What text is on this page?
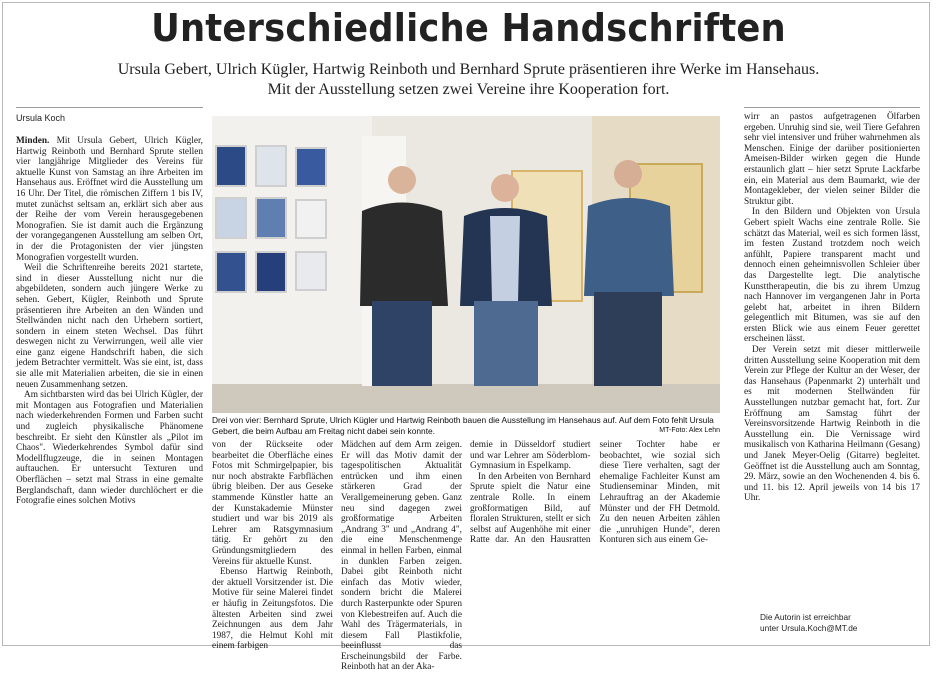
Unterschiedliche Handschriften
Ursula Gebert, Ulrich Kügler, Hartwig Reinboth und Bernhard Sprute präsentieren ihre Werke im Hansehaus.
Mit der Ausstellung setzen zwei Vereine ihre Kooperation fort.
Ursula Koch

Minden. Mit Ursula Gebert, Ulrich Kügler, Hartwig Reinboth und Bernhard Sprute stellen vier langjährige Mitglieder des Vereins für aktuelle Kunst von Samstag an ihre Arbeiten im Hansehaus aus. Eröffnet wird die Ausstellung um 16 Uhr. Der Titel, die römischen Ziffern 1 bis IV, mutet zunächst seltsam an, erklärt sich aber aus der Reihe der vom Verein herausgegebenen Monografien. Sie ist damit auch die Ergänzung der vorangegangenen Ausstellung am selben Ort, in der die Protagonisten der vier jüngsten Monografien vorgestellt wurden.

Weil die Schriftenreihe bereits 2021 startete, sind in dieser Ausstellung nicht nur die abgebildeten, sondern auch jüngere Werke zu sehen. Gebert, Kügler, Reinboth und Sprute präsentieren ihre Arbeiten an den Wänden und Stellwänden nicht nach den Urhebern sortiert, sondern in einem steten Wechsel. Das führt deswegen nicht zu Verwirrungen, weil alle vier eine ganz eigene Handschrift haben, die sich jedem Betrachter vermittelt. Was sie eint, ist, dass sie alle mit Materialien arbeiten, die sie in einen neuen Zusammenhang setzen.

Am sichtbarsten wird das bei Ulrich Kügler, der mit Montagen aus Fotografien und Materialien nach wiederkehrenden Formen und Farben sucht und zugleich physikalische Phänomene beschreibt. Er sieht den Künstler als „Pilot im Chaos". Wiederkehrendes Symbol dafür sind Modellflugzeuge, die in seinen Montagen auftauchen. Er untersucht Texturen und Oberflächen – setzt mal Strass in eine gemalte Berglandschaft, dann wieder durchlöchert er die Fotografie eines solchen Motivs

Drei von vier: Bernhard Sprute, Ulrich Kügler und Hartwig Reinboth bauen die Ausstellung im Hansehaus auf. Auf dem Foto fehlt Ursula Gebert, die beim Aufbau am Freitag nicht dabei sein konnte.	MT-Foto: Alex Lehn

von der Rückseite oder bearbeitet die Oberfläche eines Fotos mit Schmirgelpapier, bis nur noch abstrakte Farbflächen übrig bleiben. Der aus Geseke stammende Künstler hatte an der Kunstakademie Münster studiert und war bis 2019 als Lehrer am Ratsgymnasium tätig. Er gehört zu den Gründungsmitgliedern des Vereins für aktuelle Kunst.

Ebenso Hartwig Reinboth, der aktuell Vorsitzender ist. Die Motive für seine Malerei findet er häufig in Zeitungsfotos. Die ältesten Arbeiten sind zwei Zeichnungen aus dem Jahr 1987, die Helmut Kohl mit einem farbigen

Mädchen auf dem Arm zeigen. Er will das Motiv damit der tagespolitischen Aktualität entrücken und ihm einen stärkeren Grad der Verallgemeinerung geben. Ganz neu sind dagegen zwei großformatige Arbeiten „Andrang 3" und „Andrang 4", die eine Menschenmenge einmal in hellen Farben, einmal in dunklen Farben zeigen. Dabei gibt Reinboth nicht einfach das Motiv wieder, sondern bricht die Malerei durch Rasterpunkte oder Spuren von Klebestreifen auf. Auch die Wahl des Trägermaterials, in diesem Fall Plastikfolie, beeinflusst das Erscheinungsbild der Farbe. Reinboth hat an der Aka-

demie in Düsseldorf studiert und war Lehrer am Söderblom-Gymnasium in Espelkamp.

In den Arbeiten von Bernhard Sprute spielt die Natur eine zentrale Rolle. In einem großformatigen Bild, auf floralen Strukturen, stellt er sich selbst auf Augenhöhe mit einer Ratte dar. An den Hausratten seiner Tochter habe er beobachtet, wie sozial sich diese Tiere verhalten, sagt der ehemalige Fachleiter Kunst am Studienseminar Minden, mit Lehrauftrag an der Akademie Münster und der FH Detmold. Zu den neuen Arbeiten zählen die „unruhigen Hunde", deren Konturen sich aus einem Ge-

wirr an pastos aufgetragenen Ölfarben ergeben. Unruhig sind sie, weil Tiere Gefahren sehr viel intensiver und früher wahrnehmen als Menschen. Einige der darüber positionierten Ameisen-Bilder wirken gegen die Hunde erstaunlich glatt – hier setzt Sprute Lackfarbe ein, ein Material aus dem Baumarkt, wie der Montagekleber, der vielen seiner Bilder die Struktur gibt.

In den Bildern und Objekten von Ursula Gebert spielt Wachs eine zentrale Rolle. Sie schätzt das Material, weil es sich formen lässt, im festen Zustand trotzdem noch weich anfühlt, Papiere transparent macht und dennoch einen geheimnisvollen Schleier über das Dargestellte legt. Die analytische Kunsttherapeutin, die bis zu ihrem Umzug nach Hannover im vergangenen Jahr in Porta gelebt hat, arbeitet in ihren Bildern gelegentlich mit Bitumen, was sie auf den ersten Blick wie aus einem Feuer gerettet erscheinen lässt.

Der Verein setzt mit dieser mittlerweile dritten Ausstellung seine Kooperation mit dem Verein zur Pflege der Kultur an der Weser, der das Hansehaus (Papenmarkt 2) unterhält und es mit modernen Stellwänden für Ausstellungen nutzbar gemacht hat, fort. Zur Eröffnung am Samstag führt der Vereinsvorsitzende Hartwig Reinboth in die Ausstellung ein. Die Vernissage wird musikalisch von Katharina Heilmann (Gesang) und Janek Meyer-Oelig (Gitarre) begleitet. Geöffnet ist die Ausstellung auch am Sonntag, 29. März, sowie an den Wochenenden 4. bis 6. und 11. bis 12. April jeweils von 14 bis 17 Uhr.

Die Autorin ist erreichbar
unter Ursula.Koch@MT.de
